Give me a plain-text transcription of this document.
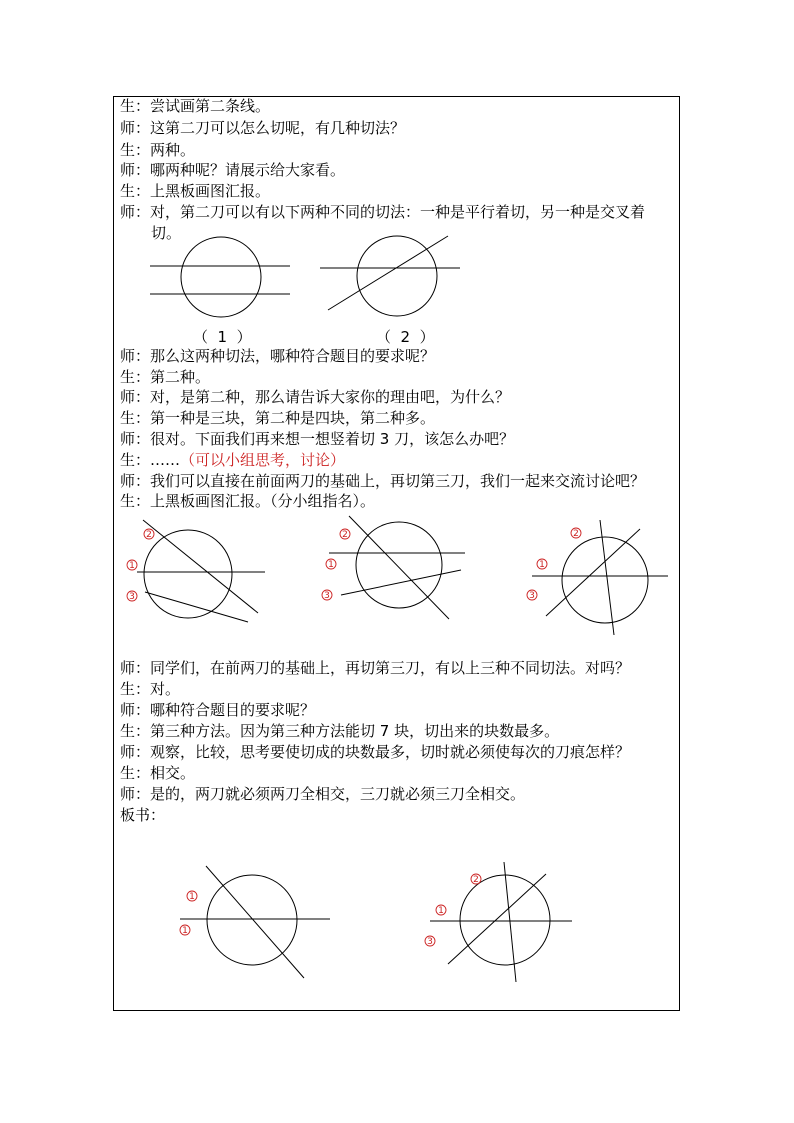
生：尝试画第二条线。
师：这第二刀可以怎么切呢，有几种切法？
生：两种。
师：哪两种呢？请展示给大家看。
生：上黑板画图汇报。
师：对，第二刀可以有以下两种不同的切法：一种是平行着切，另一种是交叉着
切。
（  1  ）	（  2  ）
师：那么这两种切法，哪种符合题目的要求呢？
生：第二种。
师：对，是第二种，那么请告诉大家你的理由吧，为什么？
生：第一种是三块，第二种是四块，第二种多。
师：很对。下面我们再来想一想竖着切 3 刀，该怎么办吧？
生：……（可以小组思考，讨论）
师：我们可以直接在前面两刀的基础上，再切第三刀，我们一起来交流讨论吧？
生：上黑板画图汇报。（分小组指名）。
2
1
3
2
1
3
2
1
3
师：同学们，在前两刀的基础上，再切第三刀，有以上三种不同切法。对吗？
生：对。
师：哪种符合题目的要求呢？
生：第三种方法。因为第三种方法能切 7 块，切出来的块数最多。
师：观察，比较，思考要使切成的块数最多，切时就必须使每次的刀痕怎样？
生：相交。
师：是的，两刀就必须两刀全相交，三刀就必须三刀全相交。
板书：
1
1
2
1
3
